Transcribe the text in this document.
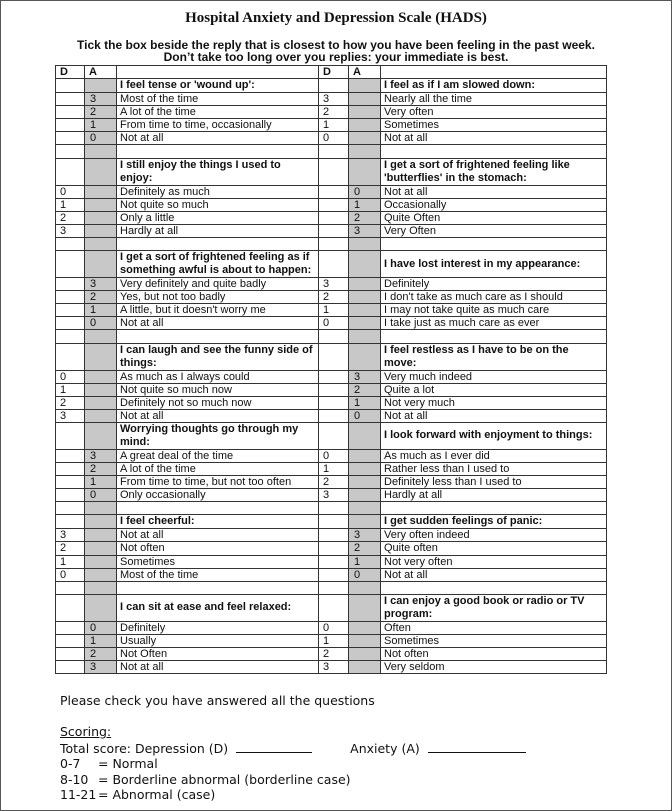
Hospital Anxiety and Depression Scale (HADS)
Tick the box beside the reply that is closest to how you have been feeling in the past week.
Don’t take too long over you replies: your immediate is best.
D	A		D	A	
		I feel tense or 'wound up':			I feel as if I am slowed down:
	3	Most of the time	3		Nearly all the time
	2	A lot of the time	2		Very often
	1	From time to time, occasionally	1		Sometimes
	0	Not at all	0		Not at all

		I still enjoy the things I used to enjoy:			I get a sort of frightened feeling like 'butterflies' in the stomach:
0		Definitely as much		0	Not at all
1		Not quite so much		1	Occasionally
2		Only a little		2	Quite Often
3		Hardly at all		3	Very Often

		I get a sort of frightened feeling as if something awful is about to happen:			I have lost interest in my appearance:
	3	Very definitely and quite badly	3		Definitely
	2	Yes, but not too badly	2		I don't take as much care as I should
	1	A little, but it doesn't worry me	1		I may not take quite as much care
	0	Not at all	0		I take just as much care as ever

		I can laugh and see the funny side of things:			I feel restless as I have to be on the move:
0		As much as I always could		3	Very much indeed
1		Not quite so much now		2	Quite a lot
2		Definitely not so much now		1	Not very much
3		Not at all		0	Not at all
		Worrying thoughts go through my mind:			I look forward with enjoyment to things:
	3	A great deal of the time	0		As much as I ever did
	2	A lot of the time	1		Rather less than I used to
	1	From time to time, but not too often	2		Definitely less than I used to
	0	Only occasionally	3		Hardly at all

		I feel cheerful:			I get sudden feelings of panic:
3		Not at all		3	Very often indeed
2		Not often		2	Quite often
1		Sometimes		1	Not very often
0		Most of the time		0	Not at all

		I can sit at ease and feel relaxed:			I can enjoy a good book or radio or TV program:
	0	Definitely	0		Often
	1	Usually	1		Sometimes
	2	Not Often	2		Not often
	3	Not at all	3		Very seldom
Please check you have answered all the questions
Scoring:
Total score: Depression (D)	Anxiety (A)
0-7	= Normal
8-10 = Borderline abnormal (borderline case)
11-21 = Abnormal (case)
